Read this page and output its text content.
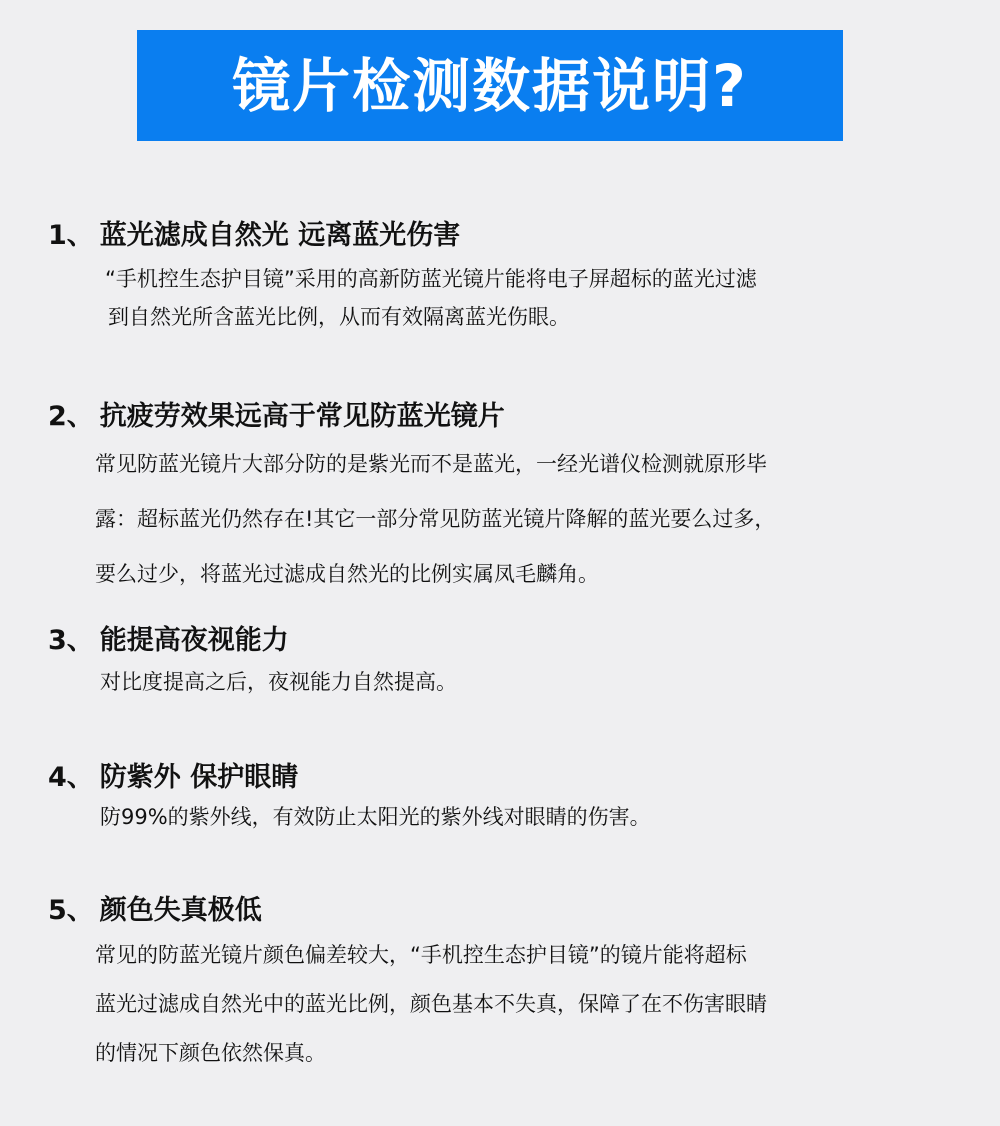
镜片检测数据说明?
1、 蓝光滤成自然光 远离蓝光伤害
“手机控生态护目镜”采用的高新防蓝光镜片能将电子屏超标的蓝光过滤
到自然光所含蓝光比例，从而有效隔离蓝光伤眼。
2、 抗疲劳效果远高于常见防蓝光镜片
常见防蓝光镜片大部分防的是紫光而不是蓝光，一经光谱仪检测就原形毕
露：超标蓝光仍然存在!其它一部分常见防蓝光镜片降解的蓝光要么过多，
要么过少，将蓝光过滤成自然光的比例实属凤毛麟角。
3、 能提高夜视能力
对比度提高之后，夜视能力自然提高。
4、 防紫外 保护眼睛
防99%的紫外线，有效防止太阳光的紫外线对眼睛的伤害。
5、 颜色失真极低
常见的防蓝光镜片颜色偏差较大，“手机控生态护目镜”的镜片能将超标
蓝光过滤成自然光中的蓝光比例，颜色基本不失真，保障了在不伤害眼睛
的情况下颜色依然保真。
